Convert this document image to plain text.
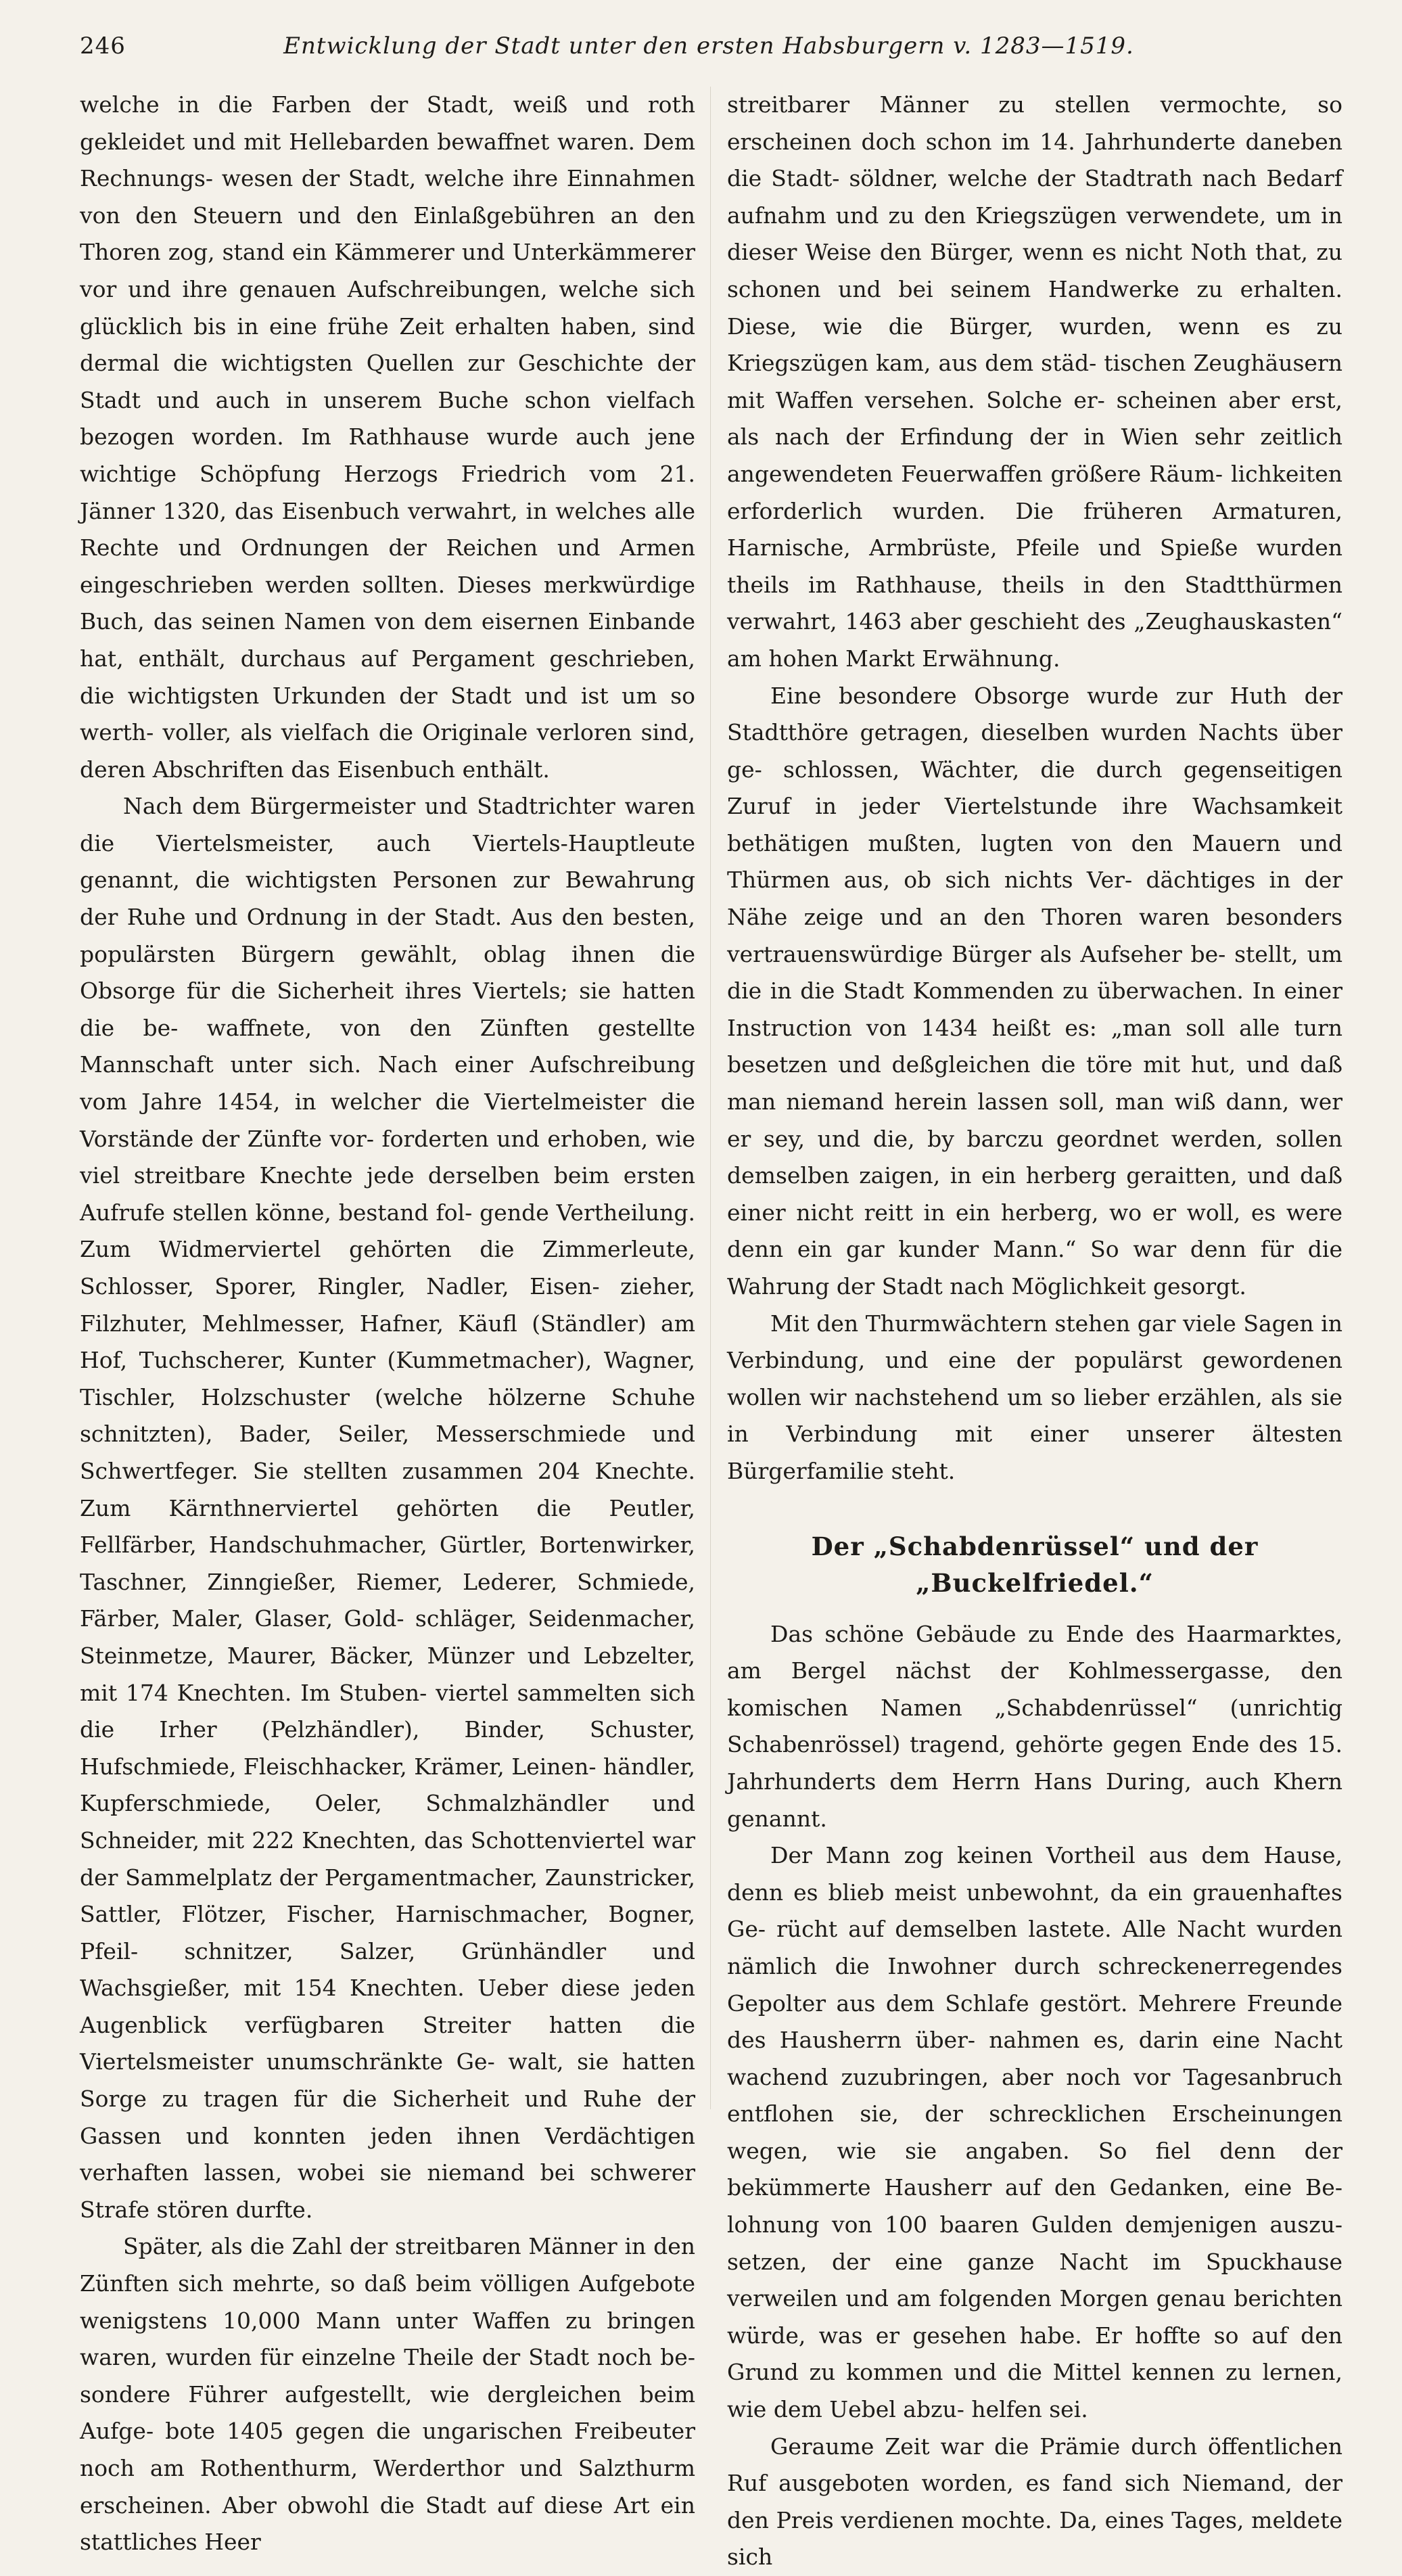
246	Entwicklung der Stadt unter den ersten Habsburgern v. 1283—1519.

welche in die Farben der Stadt, weiß und roth gekleidet und mit Hellebarden bewaffnet waren. Dem Rechnungs- wesen der Stadt, welche ihre Einnahmen von den Steuern und den Einlaßgebühren an den Thoren zog, stand ein Kämmerer und Unterkämmerer vor und ihre genauen Aufschreibungen, welche sich glücklich bis in eine frühe Zeit erhalten haben, sind dermal die wichtigsten Quellen zur Geschichte der Stadt und auch in unserem Buche schon vielfach bezogen worden. Im Rathhause wurde auch jene wichtige Schöpfung Herzogs Friedrich vom 21. Jänner 1320, das Eisenbuch verwahrt, in welches alle Rechte und Ordnungen der Reichen und Armen eingeschrieben werden sollten. Dieses merkwürdige Buch, das seinen Namen von dem eisernen Einbande hat, enthält, durchaus auf Pergament geschrieben, die wichtigsten Urkunden der Stadt und ist um so werth- voller, als vielfach die Originale verloren sind, deren Abschriften das Eisenbuch enthält.

Nach dem Bürgermeister und Stadtrichter waren die Viertelsmeister, auch Viertels-Hauptleute genannt, die wichtigsten Personen zur Bewahrung der Ruhe und Ordnung in der Stadt. Aus den besten, populärsten Bürgern gewählt, oblag ihnen die Obsorge für die Sicherheit ihres Viertels; sie hatten die be- waffnete, von den Zünften gestellte Mannschaft unter sich. Nach einer Aufschreibung vom Jahre 1454, in welcher die Viertelmeister die Vorstände der Zünfte vor- forderten und erhoben, wie viel streitbare Knechte jede derselben beim ersten Aufrufe stellen könne, bestand fol- gende Vertheilung. Zum Widmerviertel gehörten die Zimmerleute, Schlosser, Sporer, Ringler, Nadler, Eisen- zieher, Filzhuter, Mehlmesser, Hafner, Käufl (Ständler) am Hof, Tuchscherer, Kunter (Kummetmacher), Wagner, Tischler, Holzschuster (welche hölzerne Schuhe schnitzten), Bader, Seiler, Messerschmiede und Schwertfeger. Sie stellten zusammen 204 Knechte. Zum Kärnthnerviertel gehörten die Peutler, Fellfärber, Handschuhmacher, Gürtler, Bortenwirker, Taschner, Zinngießer, Riemer, Lederer, Schmiede, Färber, Maler, Glaser, Gold- schläger, Seidenmacher, Steinmetze, Maurer, Bäcker, Münzer und Lebzelter, mit 174 Knechten. Im Stuben- viertel sammelten sich die Irher (Pelzhändler), Binder, Schuster, Hufschmiede, Fleischhacker, Krämer, Leinen- händler, Kupferschmiede, Oeler, Schmalzhändler und Schneider, mit 222 Knechten, das Schottenviertel war der Sammelplatz der Pergamentmacher, Zaunstricker, Sattler, Flötzer, Fischer, Harnischmacher, Bogner, Pfeil- schnitzer, Salzer, Grünhändler und Wachsgießer, mit 154 Knechten. Ueber diese jeden Augenblick verfügbaren Streiter hatten die Viertelsmeister unumschränkte Ge- walt, sie hatten Sorge zu tragen für die Sicherheit und Ruhe der Gassen und konnten jeden ihnen Verdächtigen verhaften lassen, wobei sie niemand bei schwerer Strafe stören durfte.

Später, als die Zahl der streitbaren Männer in den Zünften sich mehrte, so daß beim völligen Aufgebote wenigstens 10,000 Mann unter Waffen zu bringen waren, wurden für einzelne Theile der Stadt noch be- sondere Führer aufgestellt, wie dergleichen beim Aufge- bote 1405 gegen die ungarischen Freibeuter noch am Rothenthurm, Werderthor und Salzthurm erscheinen. Aber obwohl die Stadt auf diese Art ein stattliches Heer

streitbarer Männer zu stellen vermochte, so erscheinen doch schon im 14. Jahrhunderte daneben die Stadt- söldner, welche der Stadtrath nach Bedarf aufnahm und zu den Kriegszügen verwendete, um in dieser Weise den Bürger, wenn es nicht Noth that, zu schonen und bei seinem Handwerke zu erhalten. Diese, wie die Bürger, wurden, wenn es zu Kriegszügen kam, aus dem städ- tischen Zeughäusern mit Waffen versehen. Solche er- scheinen aber erst, als nach der Erfindung der in Wien sehr zeitlich angewendeten Feuerwaffen größere Räum- lichkeiten erforderlich wurden. Die früheren Armaturen, Harnische, Armbrüste, Pfeile und Spieße wurden theils im Rathhause, theils in den Stadtthürmen verwahrt, 1463 aber geschieht des „Zeughauskasten“ am hohen Markt Erwähnung.

Eine besondere Obsorge wurde zur Huth der Stadtthöre getragen, dieselben wurden Nachts über ge- schlossen, Wächter, die durch gegenseitigen Zuruf in jeder Viertelstunde ihre Wachsamkeit bethätigen mußten, lugten von den Mauern und Thürmen aus, ob sich nichts Ver- dächtiges in der Nähe zeige und an den Thoren waren besonders vertrauenswürdige Bürger als Aufseher be- stellt, um die in die Stadt Kommenden zu überwachen. In einer Instruction von 1434 heißt es: „man soll alle turn besetzen und deßgleichen die töre mit hut, und daß man niemand herein lassen soll, man wiß dann, wer er sey, und die, by barczu geordnet werden, sollen demselben zaigen, in ein herberg geraitten, und daß einer nicht reitt in ein herberg, wo er woll, es were denn ein gar kunder Mann.“ So war denn für die Wahrung der Stadt nach Möglichkeit gesorgt.

Mit den Thurmwächtern stehen gar viele Sagen in Verbindung, und eine der populärst gewordenen wollen wir nachstehend um so lieber erzählen, als sie in Verbindung mit einer unserer ältesten Bürgerfamilie steht.

Der „Schabdenrüssel“ und der „Buckelfriedel.“

Das schöne Gebäude zu Ende des Haarmarktes, am Bergel nächst der Kohlmessergasse, den komischen Namen „Schabdenrüssel“ (unrichtig Schabenrössel) tragend, gehörte gegen Ende des 15. Jahrhunderts dem Herrn Hans During, auch Khern genannt.

Der Mann zog keinen Vortheil aus dem Hause, denn es blieb meist unbewohnt, da ein grauenhaftes Ge- rücht auf demselben lastete. Alle Nacht wurden nämlich die Inwohner durch schreckenerregendes Gepolter aus dem Schlafe gestört. Mehrere Freunde des Hausherrn über- nahmen es, darin eine Nacht wachend zuzubringen, aber noch vor Tagesanbruch entflohen sie, der schrecklichen Erscheinungen wegen, wie sie angaben. So fiel denn der bekümmerte Hausherr auf den Gedanken, eine Be- lohnung von 100 baaren Gulden demjenigen auszu- setzen, der eine ganze Nacht im Spuckhause verweilen und am folgenden Morgen genau berichten würde, was er gesehen habe. Er hoffte so auf den Grund zu kommen und die Mittel kennen zu lernen, wie dem Uebel abzu- helfen sei.

Geraume Zeit war die Prämie durch öffentlichen Ruf ausgeboten worden, es fand sich Niemand, der den Preis verdienen mochte. Da, eines Tages, meldete sich
